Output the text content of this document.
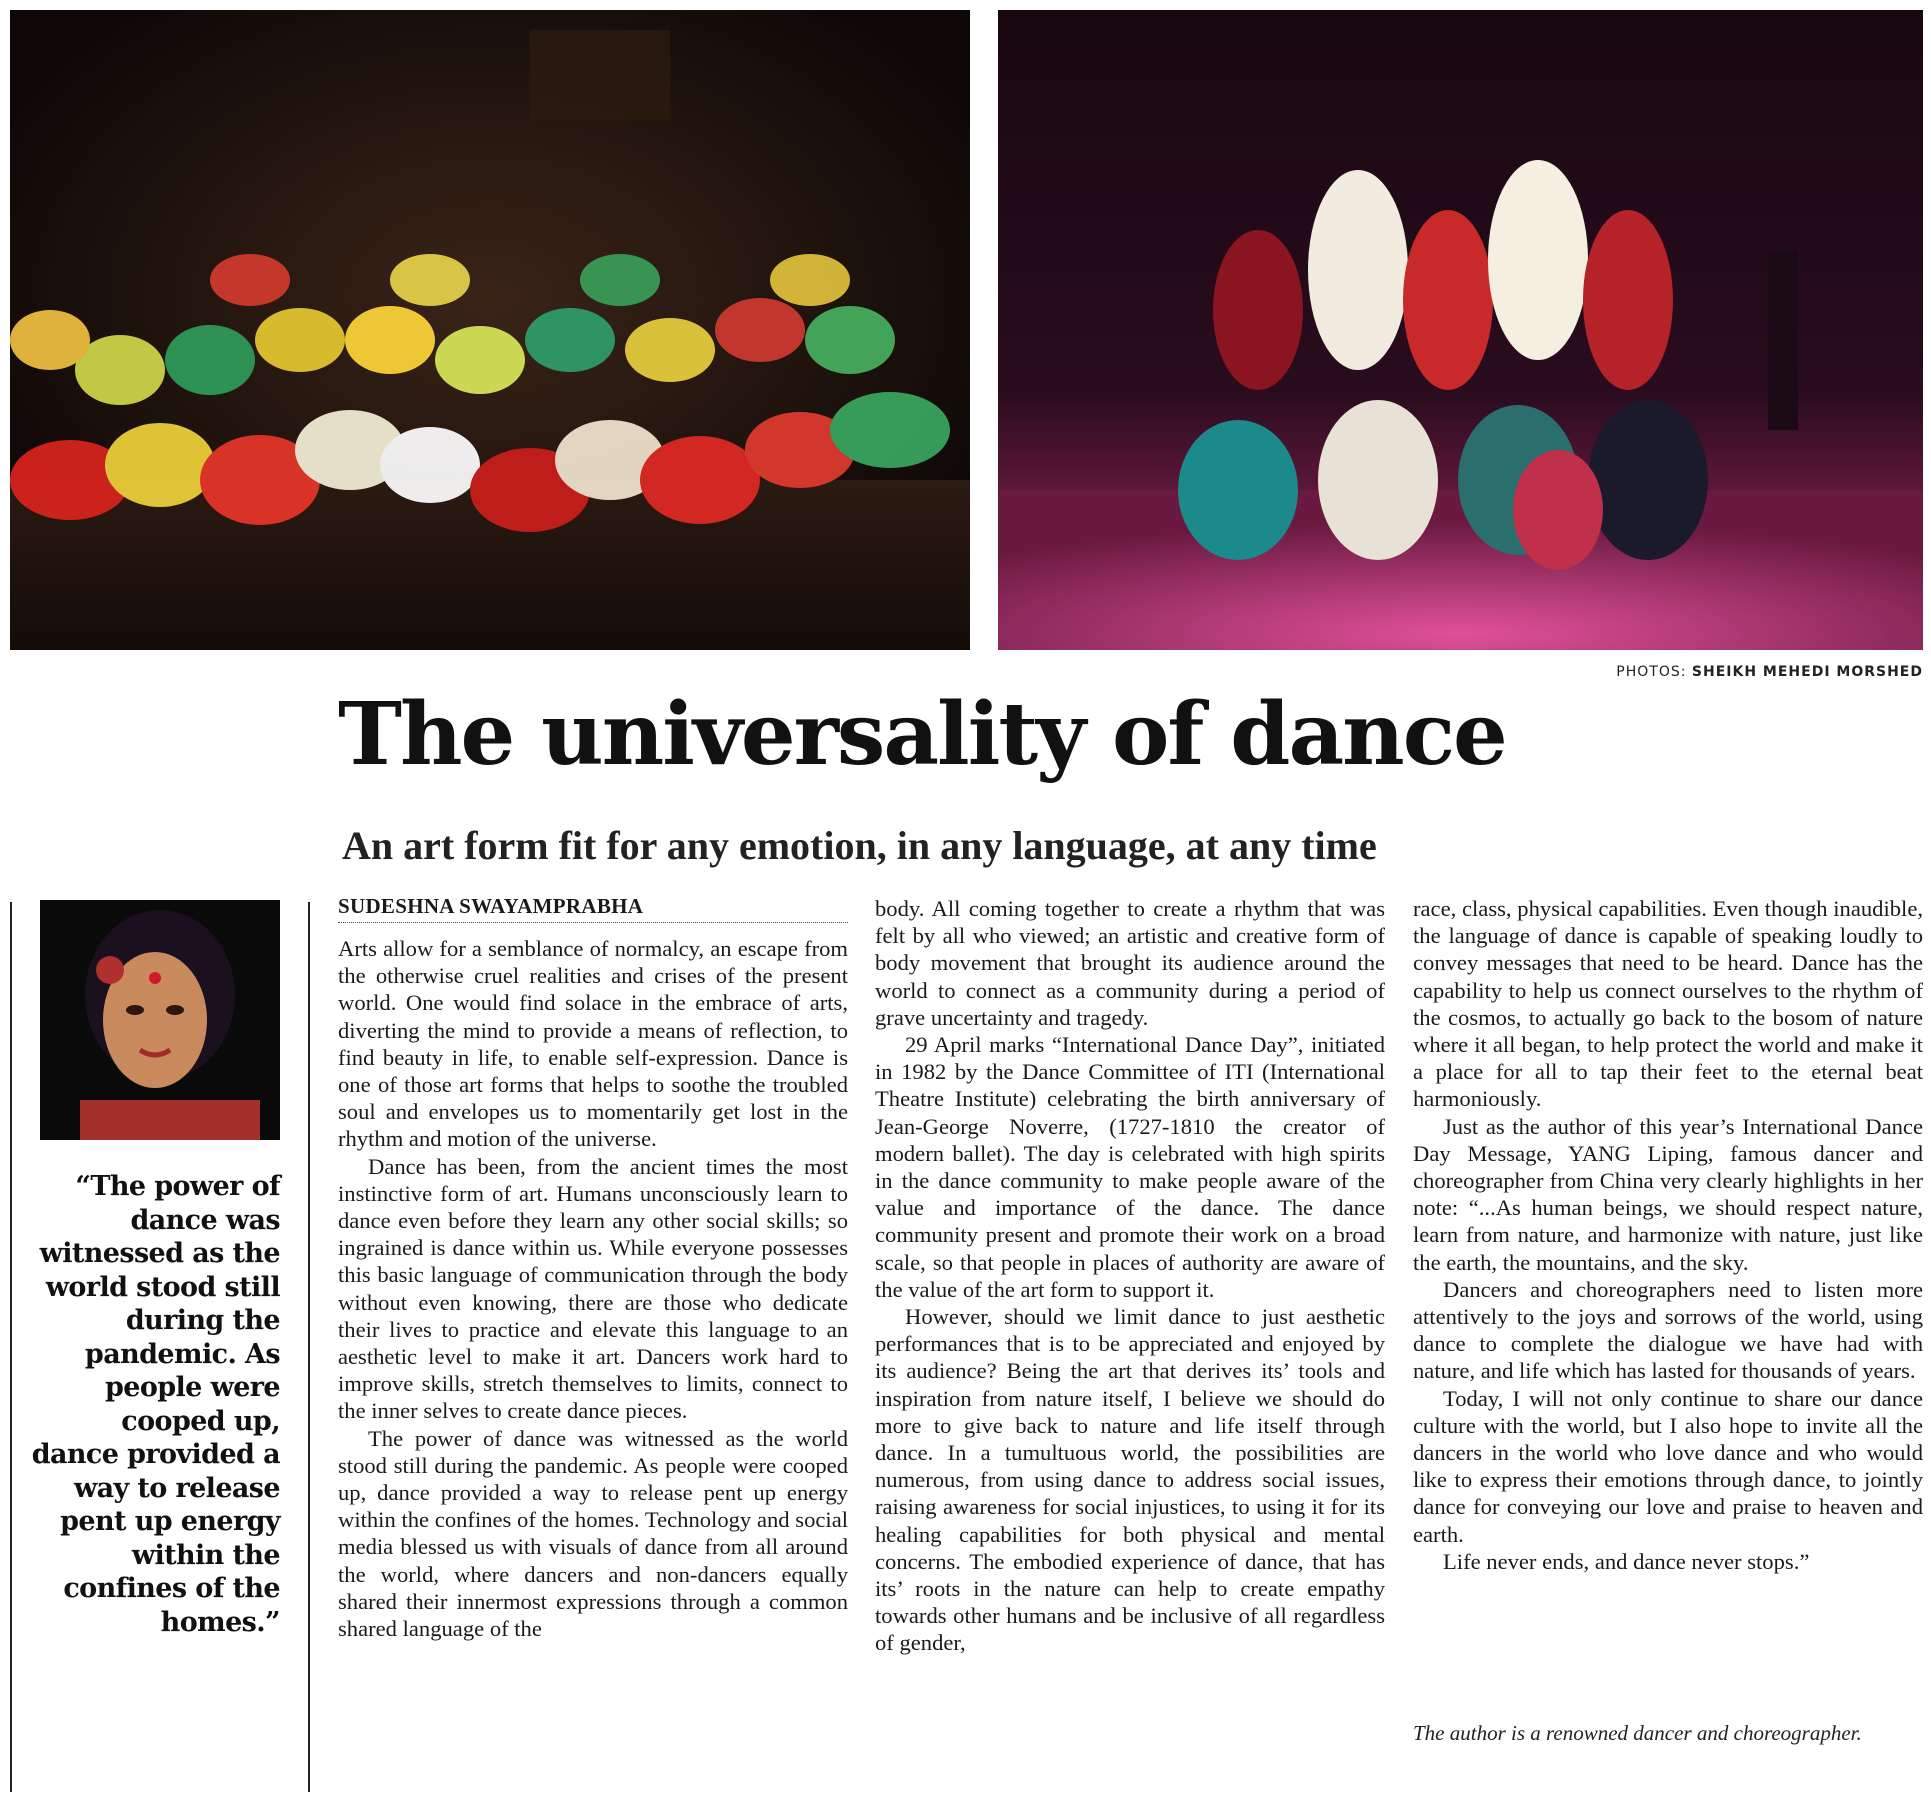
PHOTOS: SHEIKH MEHEDI MORSHED
The universality of dance
An art form fit for any emotion, in any language, at any time

“The power of dance was witnessed as the world stood still during the pandemic. As people were cooped up, dance provided a way to release pent up energy within the confines of the homes.”

SUDESHNA SWAYAMPRABHA

Arts allow for a semblance of normalcy, an escape from the otherwise cruel realities and crises of the present world. One would find solace in the embrace of arts, diverting the mind to provide a means of reflection, to find beauty in life, to enable self-expression. Dance is one of those art forms that helps to soothe the troubled soul and envelopes us to momentarily get lost in the rhythm and motion of the universe.

Dance has been, from the ancient times the most instinctive form of art. Humans unconsciously learn to dance even before they learn any other social skills; so ingrained is dance within us. While everyone possesses this basic language of communication through the body without even knowing, there are those who dedicate their lives to practice and elevate this language to an aesthetic level to make it art. Dancers work hard to improve skills, stretch themselves to limits, connect to the inner selves to create dance pieces.

The power of dance was witnessed as the world stood still during the pandemic. As people were cooped up, dance provided a way to release pent up energy within the confines of the homes. Technology and social media blessed us with visuals of dance from all around the world, where dancers and non-dancers equally shared their innermost expressions through a common shared language of the

body. All coming together to create a rhythm that was felt by all who viewed; an artistic and creative form of body movement that brought its audience around the world to connect as a community during a period of grave uncertainty and tragedy.

29 April marks “International Dance Day”, initiated in 1982 by the Dance Committee of ITI (International Theatre Institute) celebrating the birth anniversary of Jean-George Noverre, (1727-1810 the creator of modern ballet). The day is celebrated with high spirits in the dance community to make people aware of the value and importance of the dance. The dance community present and promote their work on a broad scale, so that people in places of authority are aware of the value of the art form to support it.

However, should we limit dance to just aesthetic performances that is to be appreciated and enjoyed by its audience? Being the art that derives its’ tools and inspiration from nature itself, I believe we should do more to give back to nature and life itself through dance. In a tumultuous world, the possibilities are numerous, from using dance to address social issues, raising awareness for social injustices, to using it for its healing capabilities for both physical and mental concerns. The embodied experience of dance, that has its’ roots in the nature can help to create empathy towards other humans and be inclusive of all regardless of gender,

race, class, physical capabilities. Even though inaudible, the language of dance is capable of speaking loudly to convey messages that need to be heard. Dance has the capability to help us connect ourselves to the rhythm of the cosmos, to actually go back to the bosom of nature where it all began, to help protect the world and make it a place for all to tap their feet to the eternal beat harmoniously.

Just as the author of this year’s International Dance Day Message, YANG Liping, famous dancer and choreographer from China very clearly highlights in her note: “...As human beings, we should respect nature, learn from nature, and harmonize with nature, just like the earth, the mountains, and the sky.

Dancers and choreographers need to listen more attentively to the joys and sorrows of the world, using dance to complete the dialogue we have had with nature, and life which has lasted for thousands of years.

Today, I will not only continue to share our dance culture with the world, but I also hope to invite all the dancers in the world who love dance and who would like to express their emotions through dance, to jointly dance for conveying our love and praise to heaven and earth.

Life never ends, and dance never stops.”

The author is a renowned dancer and choreographer.
